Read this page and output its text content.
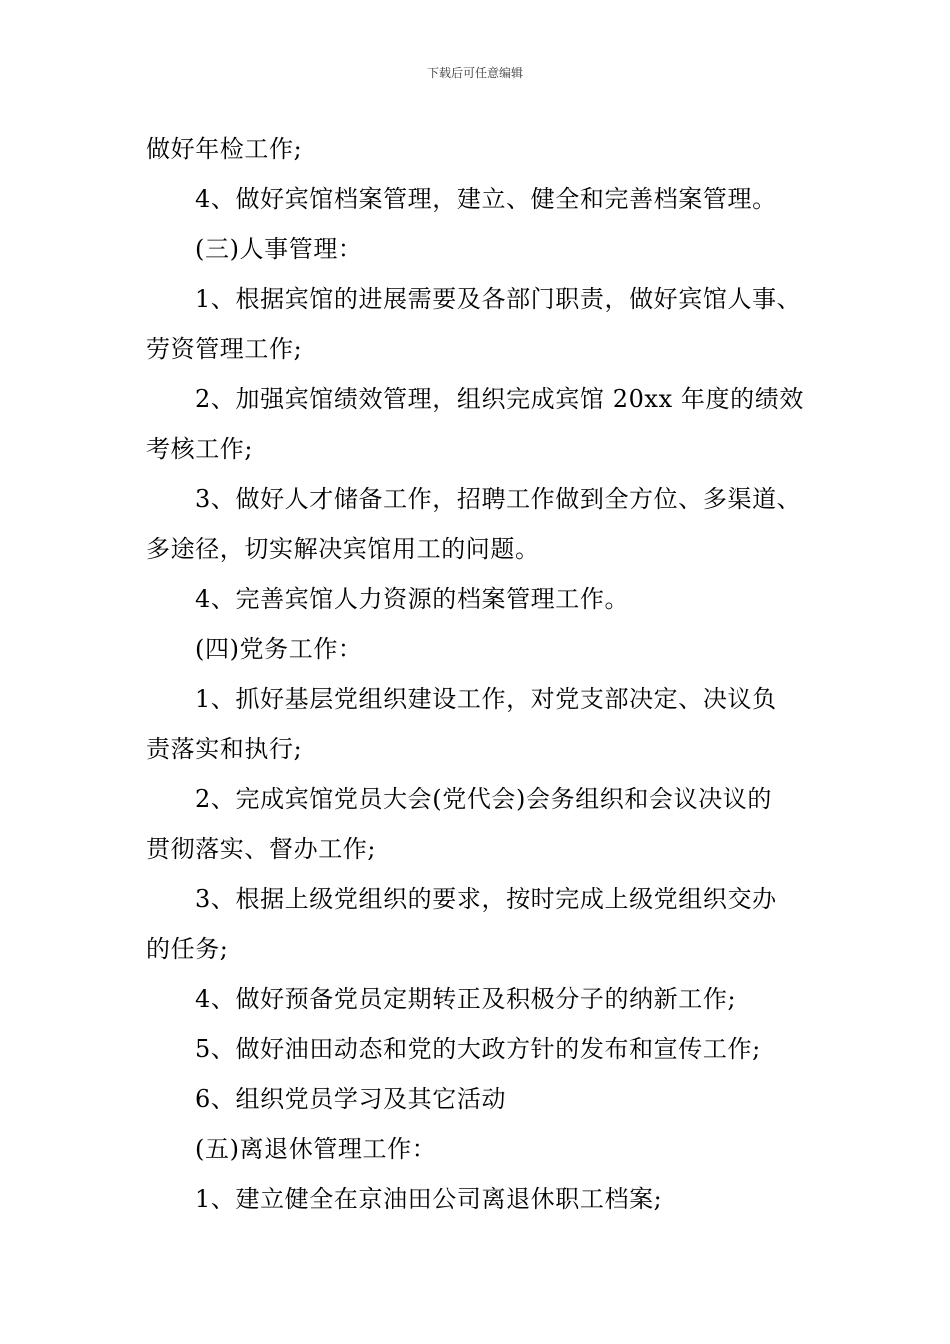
下载后可任意编辑
做好年检工作;
4、做好宾馆档案管理，建立、健全和完善档案管理。
(三)人事管理：
1、根据宾馆的进展需要及各部门职责，做好宾馆人事、
劳资管理工作;
2、加强宾馆绩效管理，组织完成宾馆 20xx 年度的绩效
考核工作;
3、做好人才储备工作，招聘工作做到全方位、多渠道、
多途径，切实解决宾馆用工的问题。
4、完善宾馆人力资源的档案管理工作。
(四)党务工作：
1、抓好基层党组织建设工作，对党支部决定、决议负
责落实和执行;
2、完成宾馆党员大会(党代会)会务组织和会议决议的
贯彻落实、督办工作;
3、根据上级党组织的要求，按时完成上级党组织交办
的任务;
4、做好预备党员定期转正及积极分子的纳新工作;
5、做好油田动态和党的大政方针的发布和宣传工作;
6、组织党员学习及其它活动
(五)离退休管理工作：
1、建立健全在京油田公司离退休职工档案;
